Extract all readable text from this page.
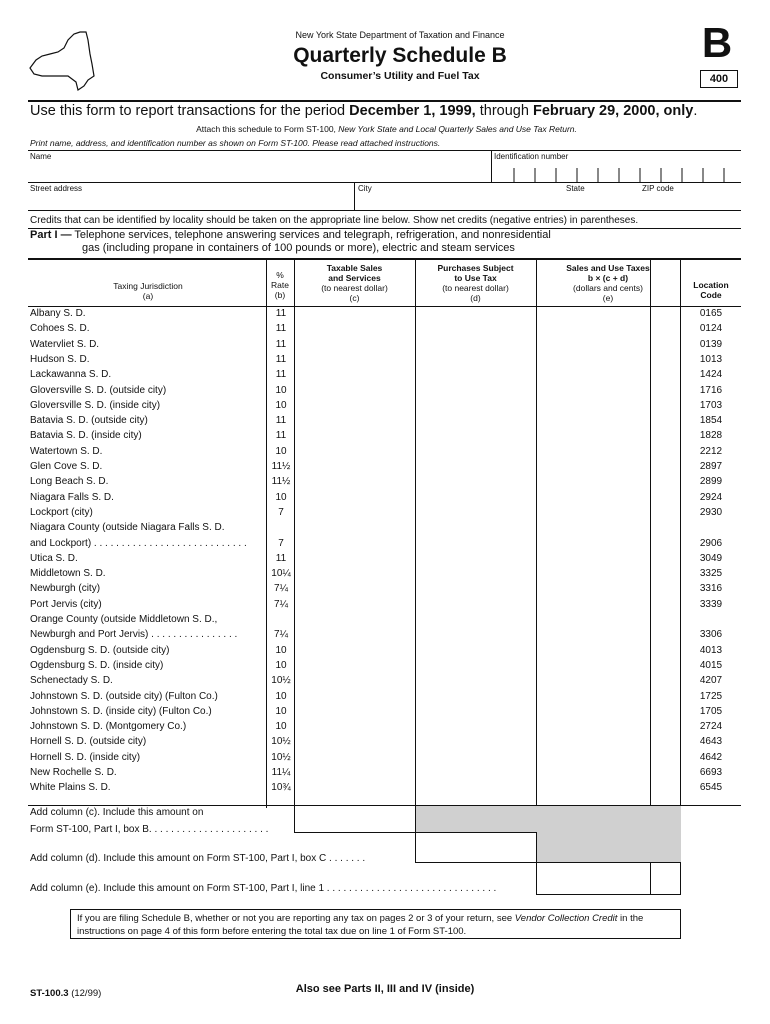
New York State Department of Taxation and Finance
Quarterly Schedule B
Consumer’s Utility and Fuel Tax
B
400
Use this form to report transactions for the period December 1, 1999, through February 29, 2000, only.
Attach this schedule to Form ST-100, New York State and Local Quarterly Sales and Use Tax Return.
Print name, address, and identification number as shown on Form ST-100. Please read attached instructions.
Name	Identification number
Street address	City	State	ZIP code
Credits that can be identified by locality should be taken on the appropriate line below. Show net credits (negative entries) in parentheses.
Part I — Telephone services, telephone answering services and telegraph, refrigeration, and nonresidential
gas (including propane in containers of 100 pounds or more), electric and steam services
Taxing Jurisdiction
(a)
%
Rate
(b)
Taxable Sales
and Services
(to nearest dollar)
(c)
Purchases Subject
to Use Tax
(to nearest dollar)
(d)
Sales and Use Taxes
b × (c + d)
(dollars and cents)
(e)
Location
Code
Albany S. D.	11	0165
Cohoes S. D.	11	0124
Watervliet S. D.	11	0139
Hudson S. D.	11	1013
Lackawanna S. D.	11	1424
Gloversville S. D. (outside city)	10	1716
Gloversville S. D. (inside city)	10	1703
Batavia S. D. (outside city)	11	1854
Batavia S. D. (inside city)	11	1828
Watertown S. D.	10	2212
Glen Cove S. D.	11½	2897
Long Beach S. D.	11½	2899
Niagara Falls S. D.	10	2924
Lockport (city)	7	2930
Niagara County (outside Niagara Falls S. D.
and Lockport) . . . . . . . . . . . . . . . . . . . . . . . . . . . .	7	2906
Utica S. D.	11	3049
Middletown S. D.	10¼	3325
Newburgh (city)	7¼	3316
Port Jervis (city)	7¼	3339
Orange County (outside Middletown S. D.,
Newburgh and Port Jervis) . . . . . . . . . . . . . . . .	7¼	3306
Ogdensburg S. D. (outside city)	10	4013
Ogdensburg S. D. (inside city)	10	4015
Schenectady S. D.	10½	4207
Johnstown S. D. (outside city) (Fulton Co.)	10	1725
Johnstown S. D. (inside city) (Fulton Co.)	10	1705
Johnstown S. D. (Montgomery Co.)	10	2724
Hornell S. D. (outside city)	10½	4643
Hornell S. D. (inside city)	10½	4642
New Rochelle S. D.	11¼	6693
White Plains S. D.	10¾	6545
Add column (c). Include this amount on
Form ST-100, Part I, box B. . . . . . . . . . . . . . . . . . . . . .
Add column (d). Include this amount on Form ST-100, Part I, box C . . . . . . .
Add column (e). Include this amount on Form ST-100, Part I, line 1 . . . . . . . . . . . . . . . . . . . . . . . . . . . . . . .
If you are filing Schedule B, whether or not you are reporting any tax on pages 2 or 3 of your return, see Vendor Collection Credit in the instructions on page 4 of this form before entering the total tax due on line 1 of Form ST-100.
ST-100.3 (12/99)	Also see Parts II, III and IV (inside)
